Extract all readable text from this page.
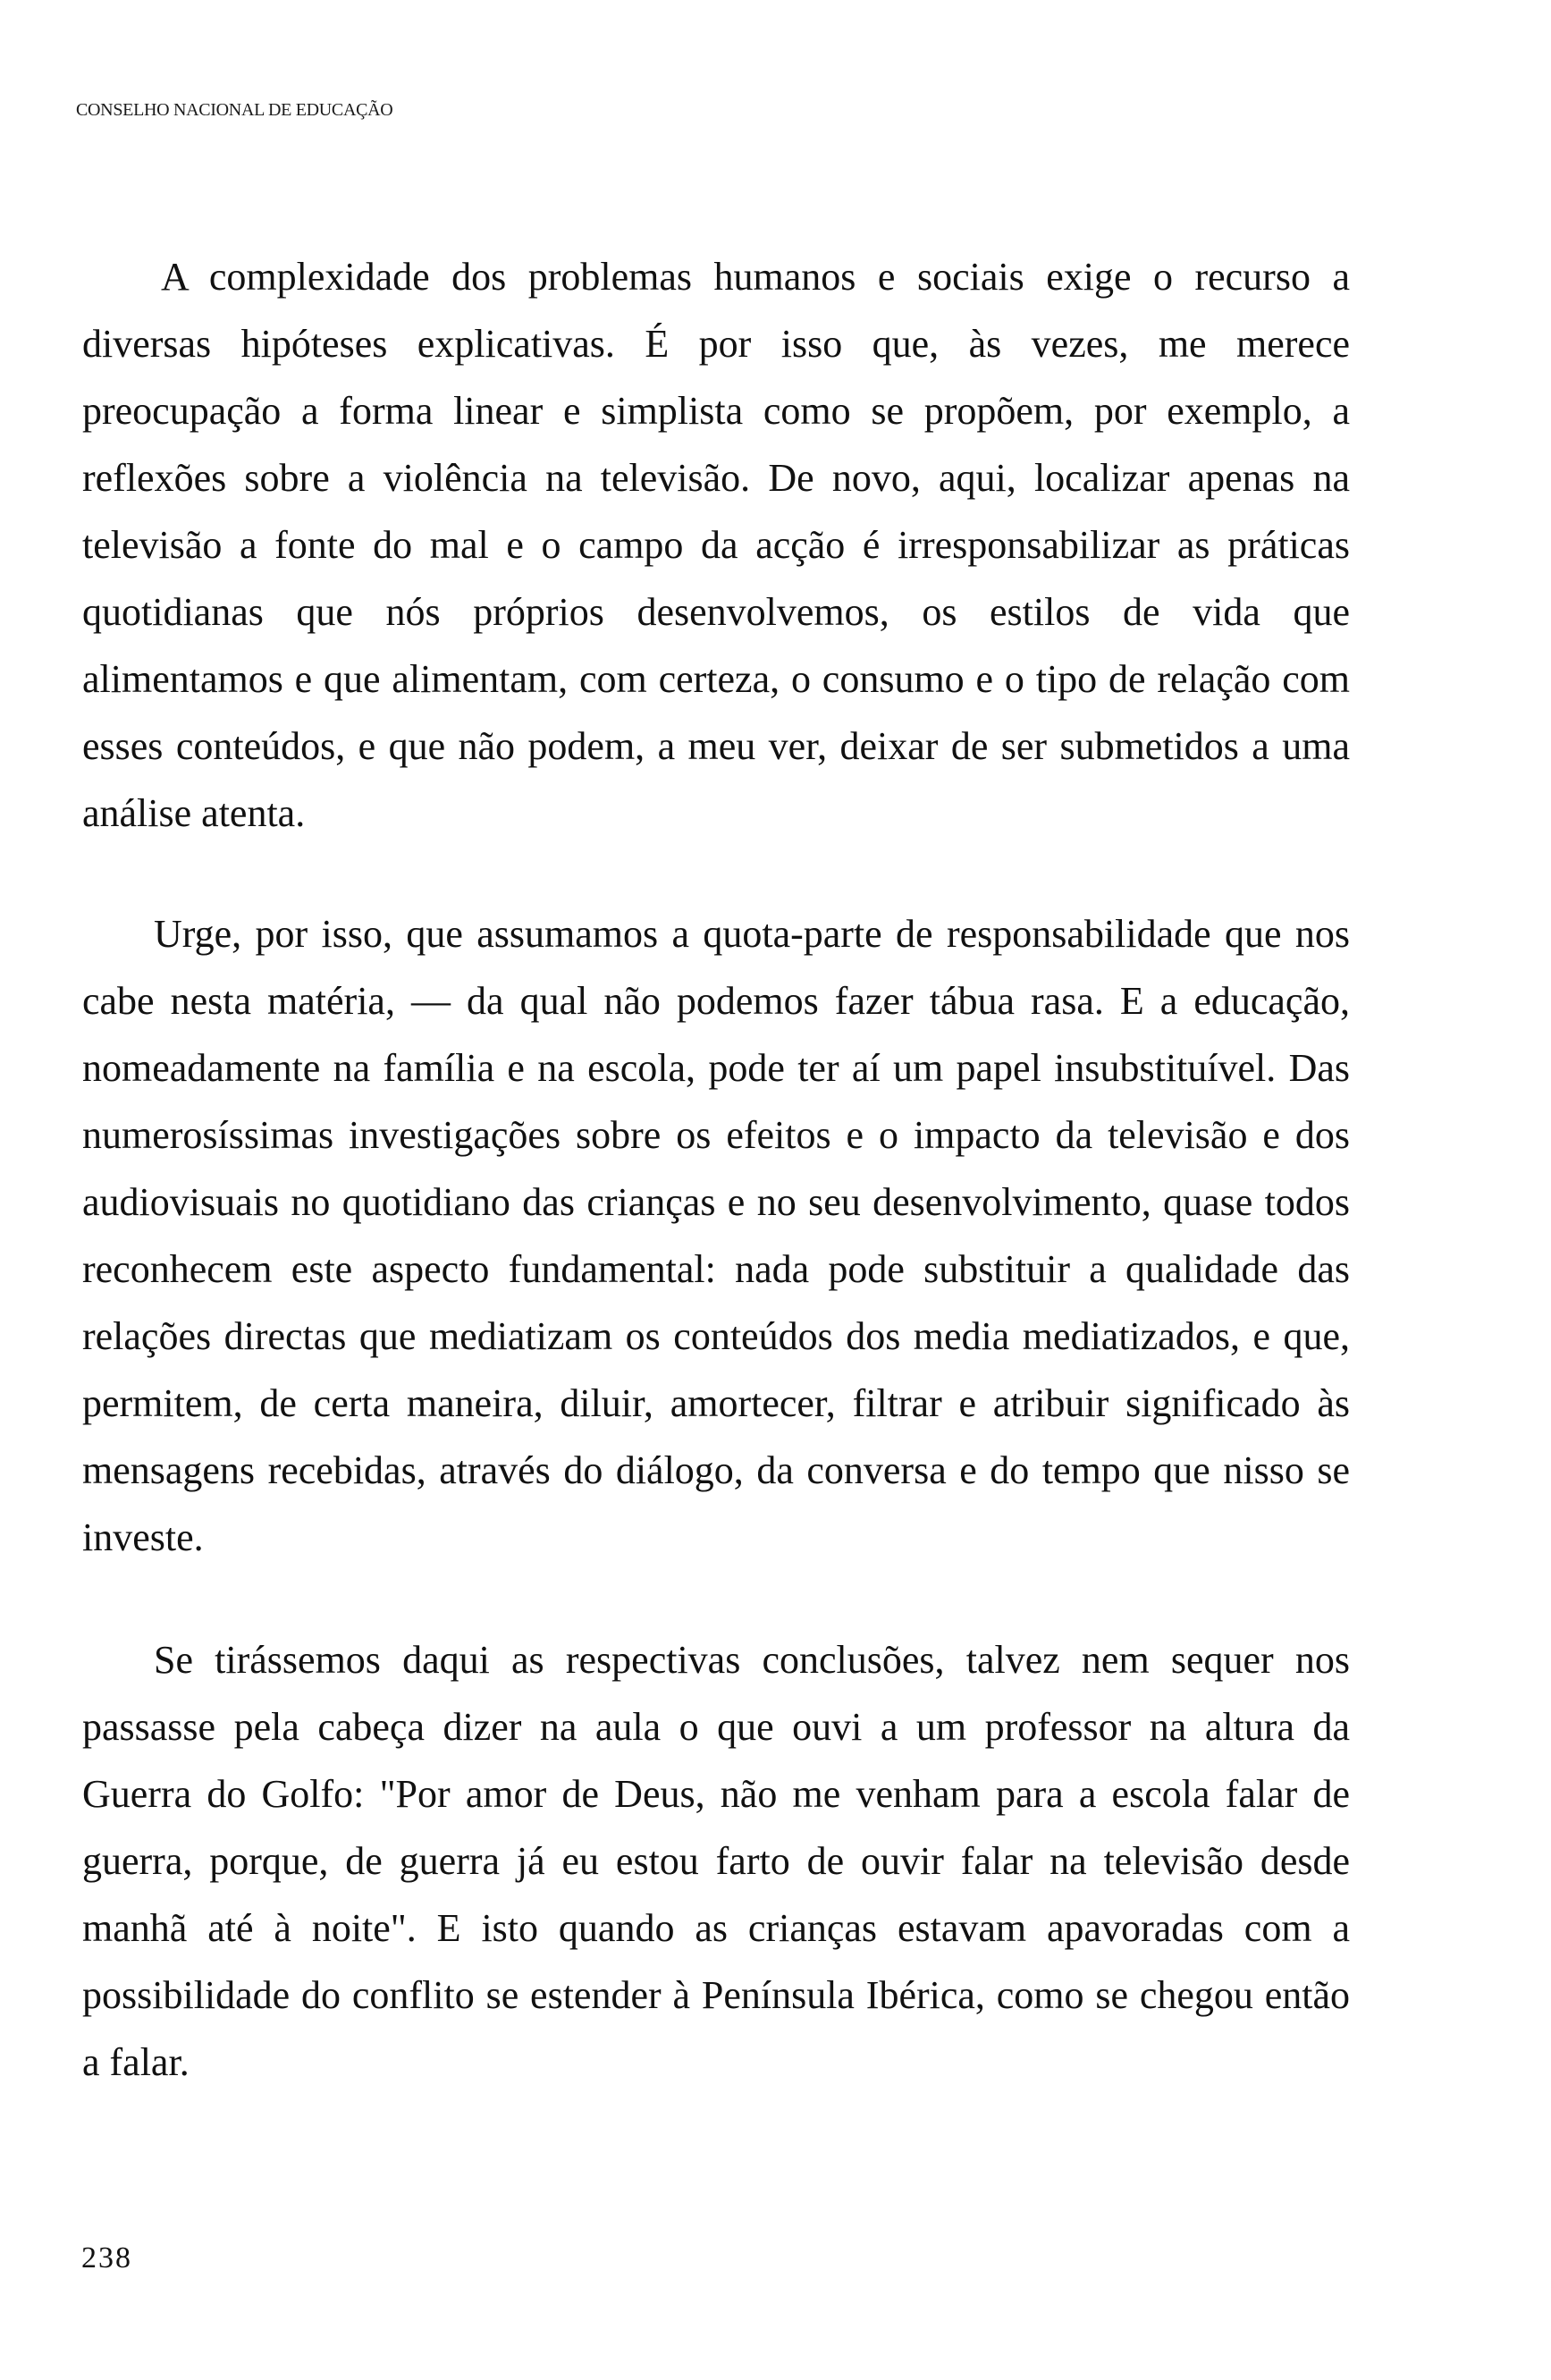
CONSELHO NACIONAL DE EDUCAÇÃO

A complexidade dos problemas humanos e sociais exige o recurso a diversas hipóteses explicativas. É por isso que, às vezes, me merece preocupação a forma linear e simplista como se propõem, por exemplo, a reflexões sobre a violência na televisão. De novo, aqui, localizar apenas na televisão a fonte do mal e o campo da acção é irresponsabilizar as práticas quotidianas que nós próprios desenvolvemos, os estilos de vida que alimentamos e que alimentam, com certeza, o consumo e o tipo de relação com esses conteúdos, e que não podem, a meu ver, deixar de ser submetidos a uma análise atenta.

Urge, por isso, que assumamos a quota-parte de responsabilidade que nos cabe nesta matéria, — da qual não podemos fazer tábua rasa. E a educação, nomeadamente na família e na escola, pode ter aí um papel insubstituível. Das numerosíssimas investigações sobre os efeitos e o impacto da televisão e dos audiovisuais no quotidiano das crianças e no seu desenvolvimento, quase todos reconhecem este aspecto fundamental: nada pode substituir a qualidade das relações directas que mediatizam os conteúdos dos media mediatizados, e que, permitem, de certa maneira, diluir, amortecer, filtrar e atribuir significado às mensagens recebidas, através do diálogo, da conversa e do tempo que nisso se investe.

Se tirássemos daqui as respectivas conclusões, talvez nem sequer nos passasse pela cabeça dizer na aula o que ouvi a um professor na altura da Guerra do Golfo: "Por amor de Deus, não me venham para a escola falar de guerra, porque, de guerra já eu estou farto de ouvir falar na televisão desde manhã até à noite". E isto quando as crianças estavam apavoradas com a possibilidade do conflito se estender à Península Ibérica, como se chegou então a falar.

238
